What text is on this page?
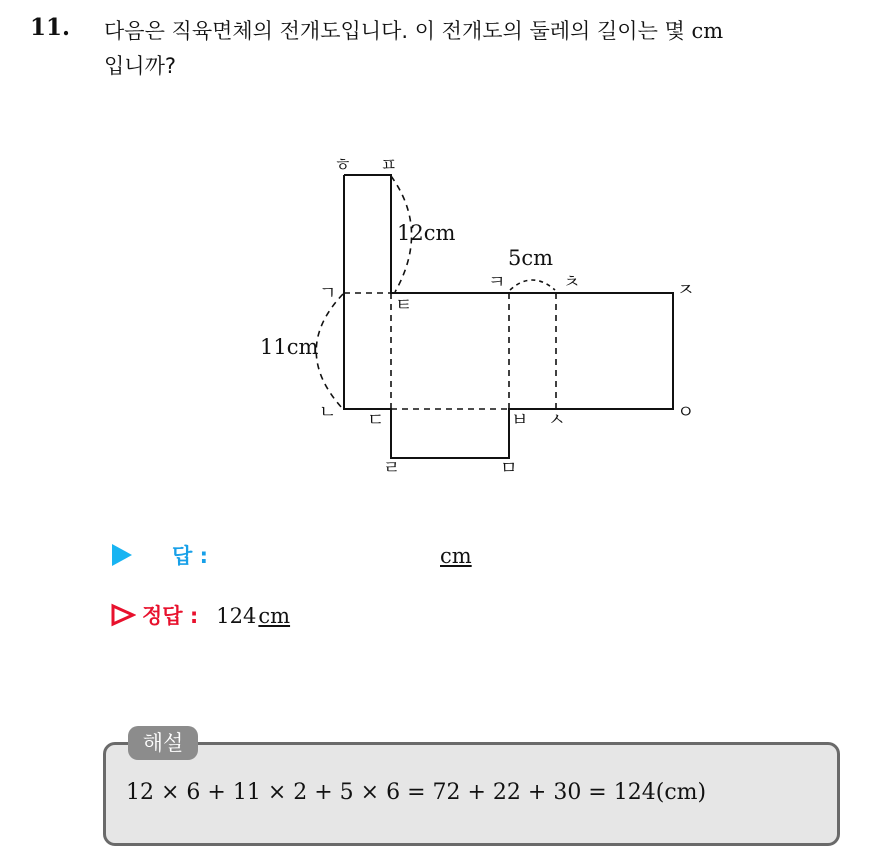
11. 다음은 직육면체의 전개도입니다. 이 전개도의 둘레의 길이는 몇 cm
입니까?
ㅎ ㅍ
ㄱ
ㅌ
ㅋ	ㅊ	ㅈ
ㄴ ㄷ	ㅂ ㅅ	ㅇ
ㄹ	ㅁ
12cm
5cm
11cm
답 :	cm
정답 : 124 cm
해설
12 × 6 + 11 × 2 + 5 × 6 = 72 + 22 + 30 = 124(cm)
